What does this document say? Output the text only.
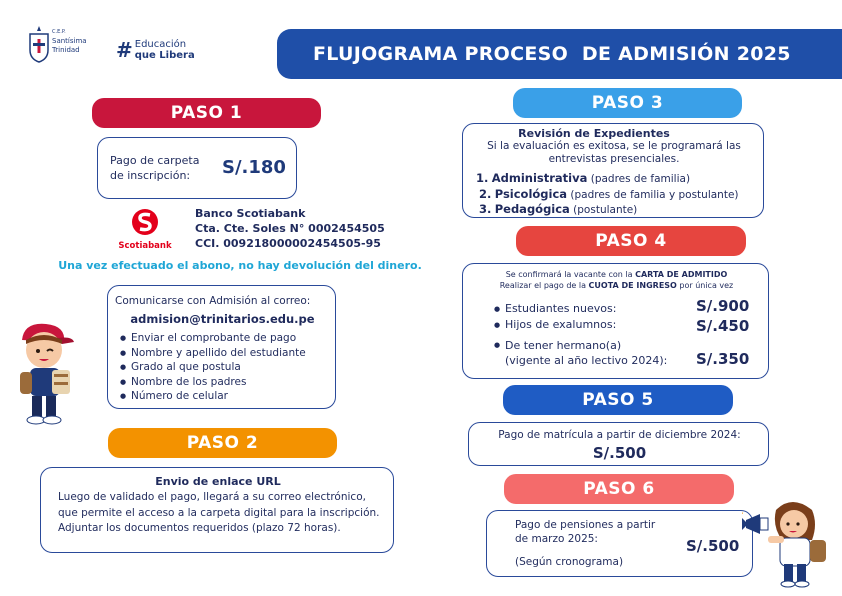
C.E.P.
Santísima
Trinidad	# Educación
que Libera	FLUJOGRAMA PROCESO  DE ADMISIÓN 2025
PASO 1
Pago de carpeta
de inscripción:	S/.180
Scotiabank
Banco Scotiabank
Cta. Cte. Soles N° 0002454505
CCI. 009218000002454505-95
Una vez efectuado el abono, no hay devolución del dinero.
Comunicarse con Admisión al correo:
admision@trinitarios.edu.pe
● Enviar el comprobante de pago
● Nombre y apellido del estudiante
● Grado al que postula
● Nombre de los padres
● Número de celular
PASO 2
Envio de enlace URL
Luego de validado el pago, llegará a su correo electrónico,
que permite el acceso a la carpeta digital para la inscripción.
Adjuntar los documentos requeridos (plazo 72 horas).
PASO 3
Revisión de Expedientes
Si la evaluación es exitosa, se le programará las
entrevistas presenciales.
1. Administrativa (padres de familia)
2. Psicológica (padres de familia y postulante)
3. Pedagógica (postulante)
PASO 4
Se confirmará la vacante con la CARTA DE ADMITIDO
Realizar el pago de la CUOTA DE INGRESO por única vez
● Estudiantes nuevos:	S/.900
● Hijos de exalumnos:	S/.450
● De tener hermano(a)
(vigente al año lectivo 2024): S/.350
PASO 5
Pago de matrícula a partir de diciembre 2024:
S/.500
PASO 6
Pago de pensiones a partir
de marzo 2025:
(Según cronograma)
S/.500
